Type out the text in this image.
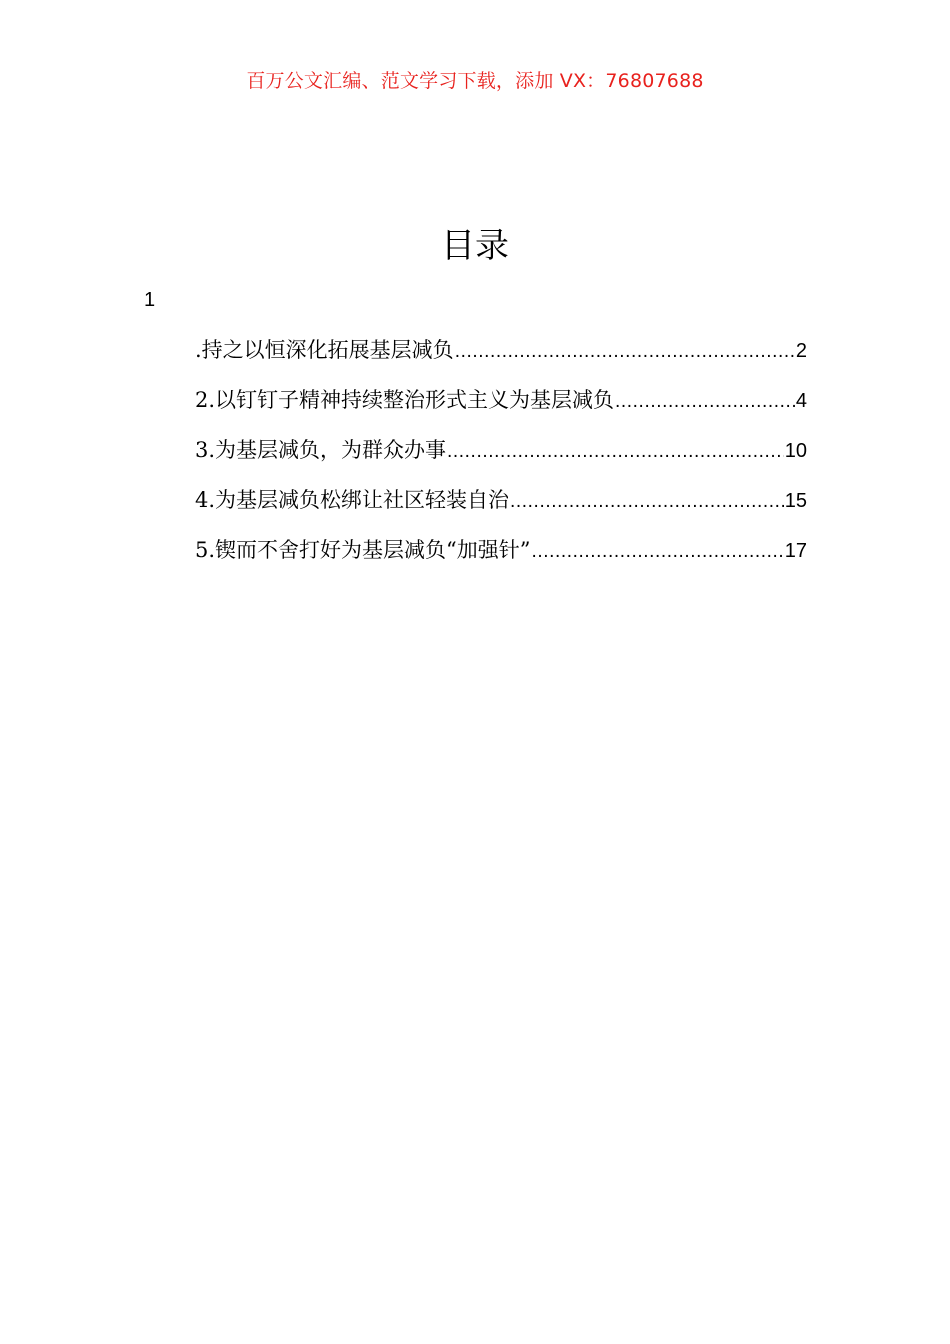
百万公文汇编、范文学习下载，添加 VX：76807688
目录
1
.持之以恒深化拓展基层减负 .....	2
2.以钉钉子精神持续整治形式主义为基层减负 .....	4
3.为基层减负，为群众办事 .....	10
4.为基层减负松绑让社区轻装自治 .....	15
5.锲而不舍打好为基层减负“加强针” .....	17
